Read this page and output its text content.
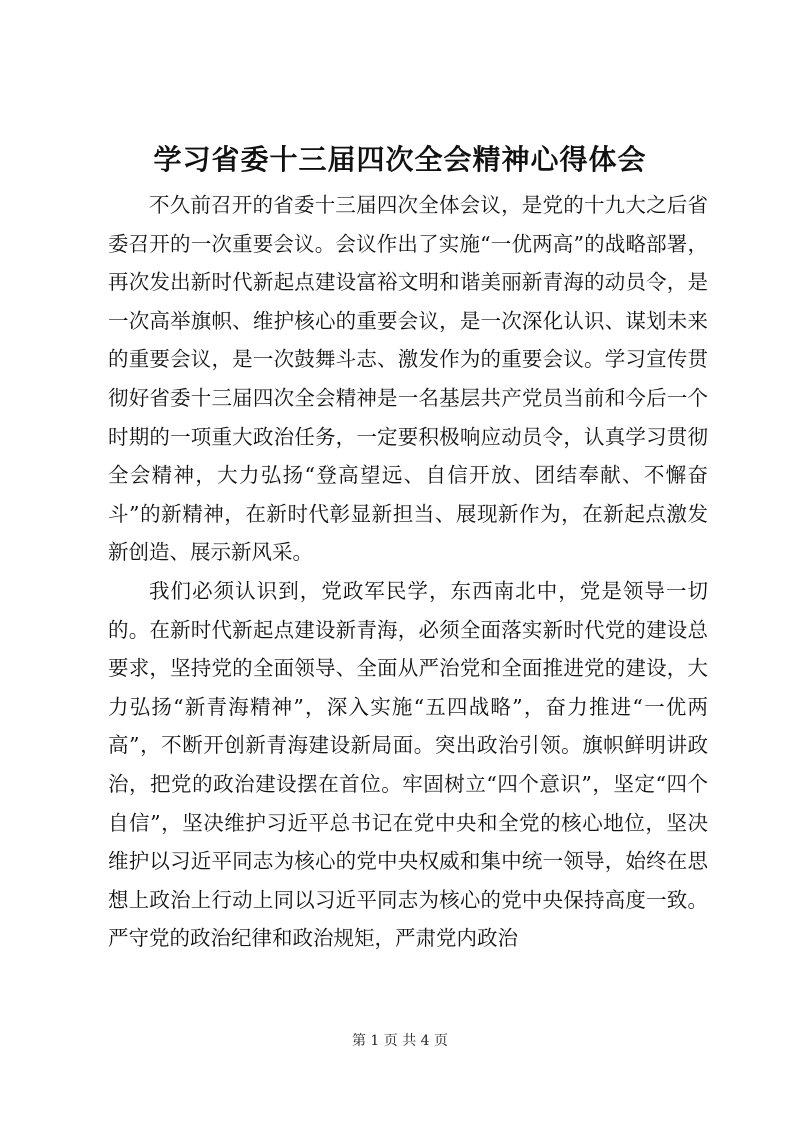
学习省委十三届四次全会精神心得体会

不久前召开的省委十三届四次全体会议，是党的十九大之后省委召开的一次重要会议。会议作出了实施“一优两高”的战略部署，再次发出新时代新起点建设富裕文明和谐美丽新青海的动员令，是一次高举旗帜、维护核心的重要会议，是一次深化认识、谋划未来的重要会议，是一次鼓舞斗志、激发作为的重要会议。学习宣传贯彻好省委十三届四次全会精神是一名基层共产党员当前和今后一个时期的一项重大政治任务，一定要积极响应动员令，认真学习贯彻全会精神，大力弘扬“登高望远、自信开放、团结奉献、不懈奋斗”的新精神，在新时代彰显新担当、展现新作为，在新起点激发新创造、展示新风采。

我们必须认识到，党政军民学，东西南北中，党是领导一切的。在新时代新起点建设新青海，必须全面落实新时代党的建设总要求，坚持党的全面领导、全面从严治党和全面推进党的建设，大力弘扬“新青海精神”，深入实施“五四战略”，奋力推进“一优两高”，不断开创新青海建设新局面。突出政治引领。旗帜鲜明讲政治，把党的政治建设摆在首位。牢固树立“四个意识”，坚定“四个自信”，坚决维护习近平总书记在党中央和全党的核心地位，坚决维护以习近平同志为核心的党中央权威和集中统一领导，始终在思想上政治上行动上同以习近平同志为核心的党中央保持高度一致。严守党的政治纪律和政治规矩，严肃党内政治

第 1 页 共 4 页
